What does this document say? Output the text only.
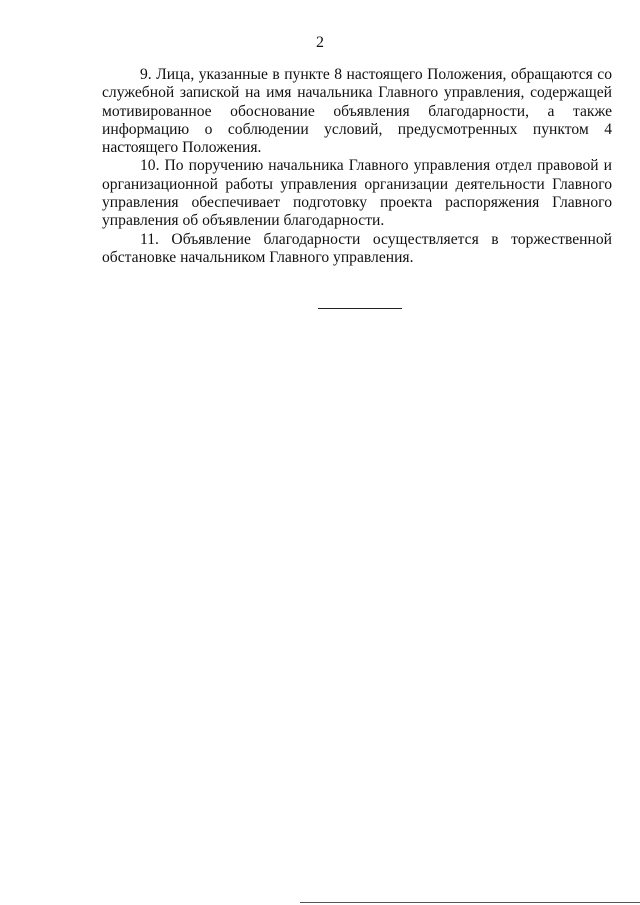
2

9. Лица, указанные в пункте 8 настоящего Положения, обращаются со служебной запиской на имя начальника Главного управления, содержащей мотивированное обоснование объявления благодарности, а также информацию о соблюдении условий, предусмотренных пунктом 4 настоящего Положения.

10. По поручению начальника Главного управления отдел правовой и организационной работы управления организации деятельности Главного управления обеспечивает подготовку проекта распоряжения Главного управления об объявлении благодарности.

11. Объявление благодарности осуществляется в торжественной обстановке начальником Главного управления.
